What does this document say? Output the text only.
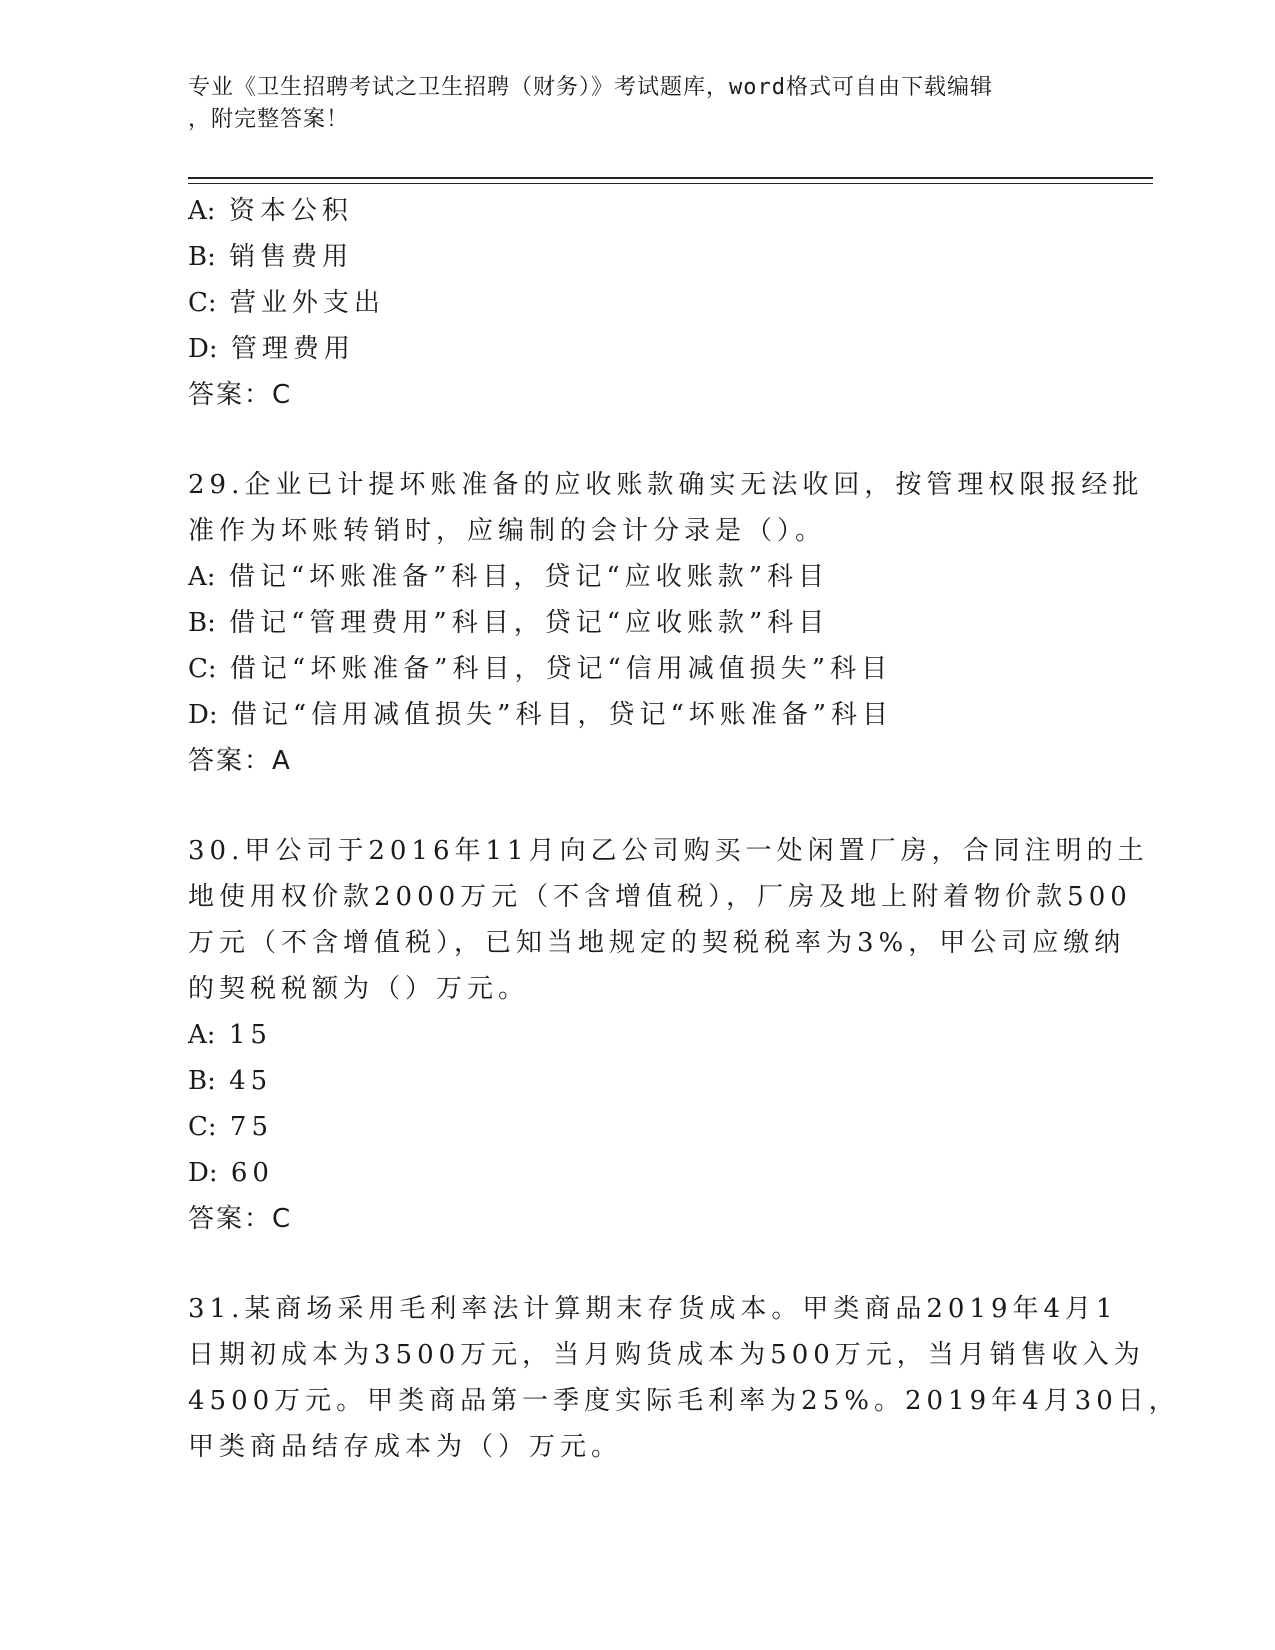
专业《卫生招聘考试之卫生招聘（财务）》考试题库，word格式可自由下载编辑
，附完整答案！
A: 资本公积
B: 销售费用
C: 营业外支出
D: 管理费用
答案：C
29.企业已计提坏账准备的应收账款确实无法收回，按管理权限报经批
准作为坏账转销时，应编制的会计分录是（）。
A: 借记“坏账准备”科目，贷记“应收账款”科目
B: 借记“管理费用”科目，贷记“应收账款”科目
C: 借记“坏账准备”科目，贷记“信用减值损失”科目
D: 借记“信用减值损失”科目，贷记“坏账准备”科目
答案：A
30.甲公司于2016年11月向乙公司购买一处闲置厂房，合同注明的土
地使用权价款2000万元（不含增值税），厂房及地上附着物价款500
万元（不含增值税），已知当地规定的契税税率为3%，甲公司应缴纳
的契税税额为（）万元。
A: 15
B: 45
C: 75
D: 60
答案：C
31.某商场采用毛利率法计算期末存货成本。甲类商品2019年4月1
日期初成本为3500万元，当月购货成本为500万元，当月销售收入为
4500万元。甲类商品第一季度实际毛利率为25%。2019年4月30日，
甲类商品结存成本为（）万元。
